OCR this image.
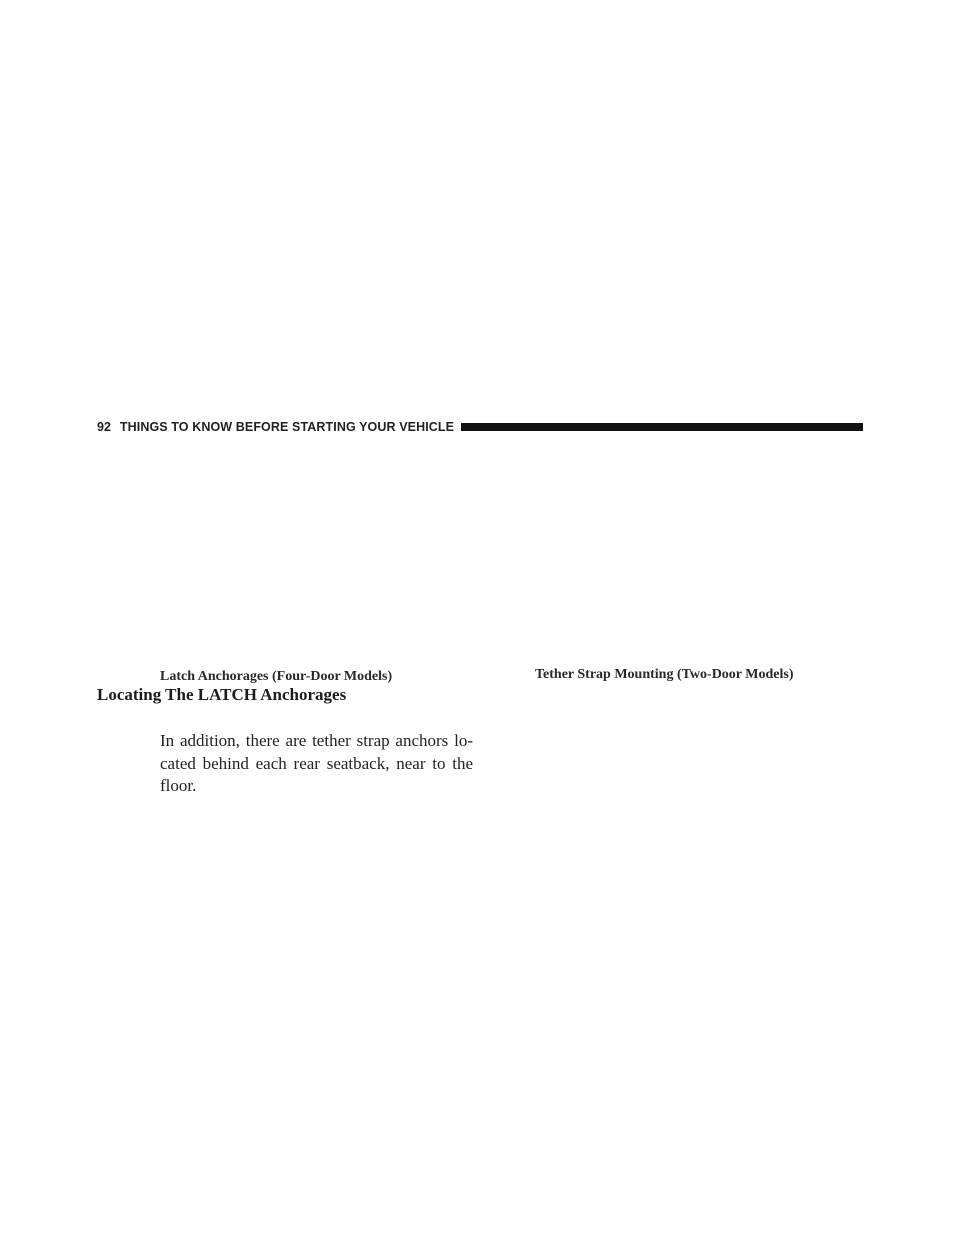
92 THINGS TO KNOW BEFORE STARTING YOUR VEHICLE
Latch Anchorages (Four-Door Models)	Tether Strap Mounting (Two-Door Models)
Locating The LATCH Anchorages
In addition, there are tether strap anchors lo-
cated behind each rear seatback, near to the
floor.
